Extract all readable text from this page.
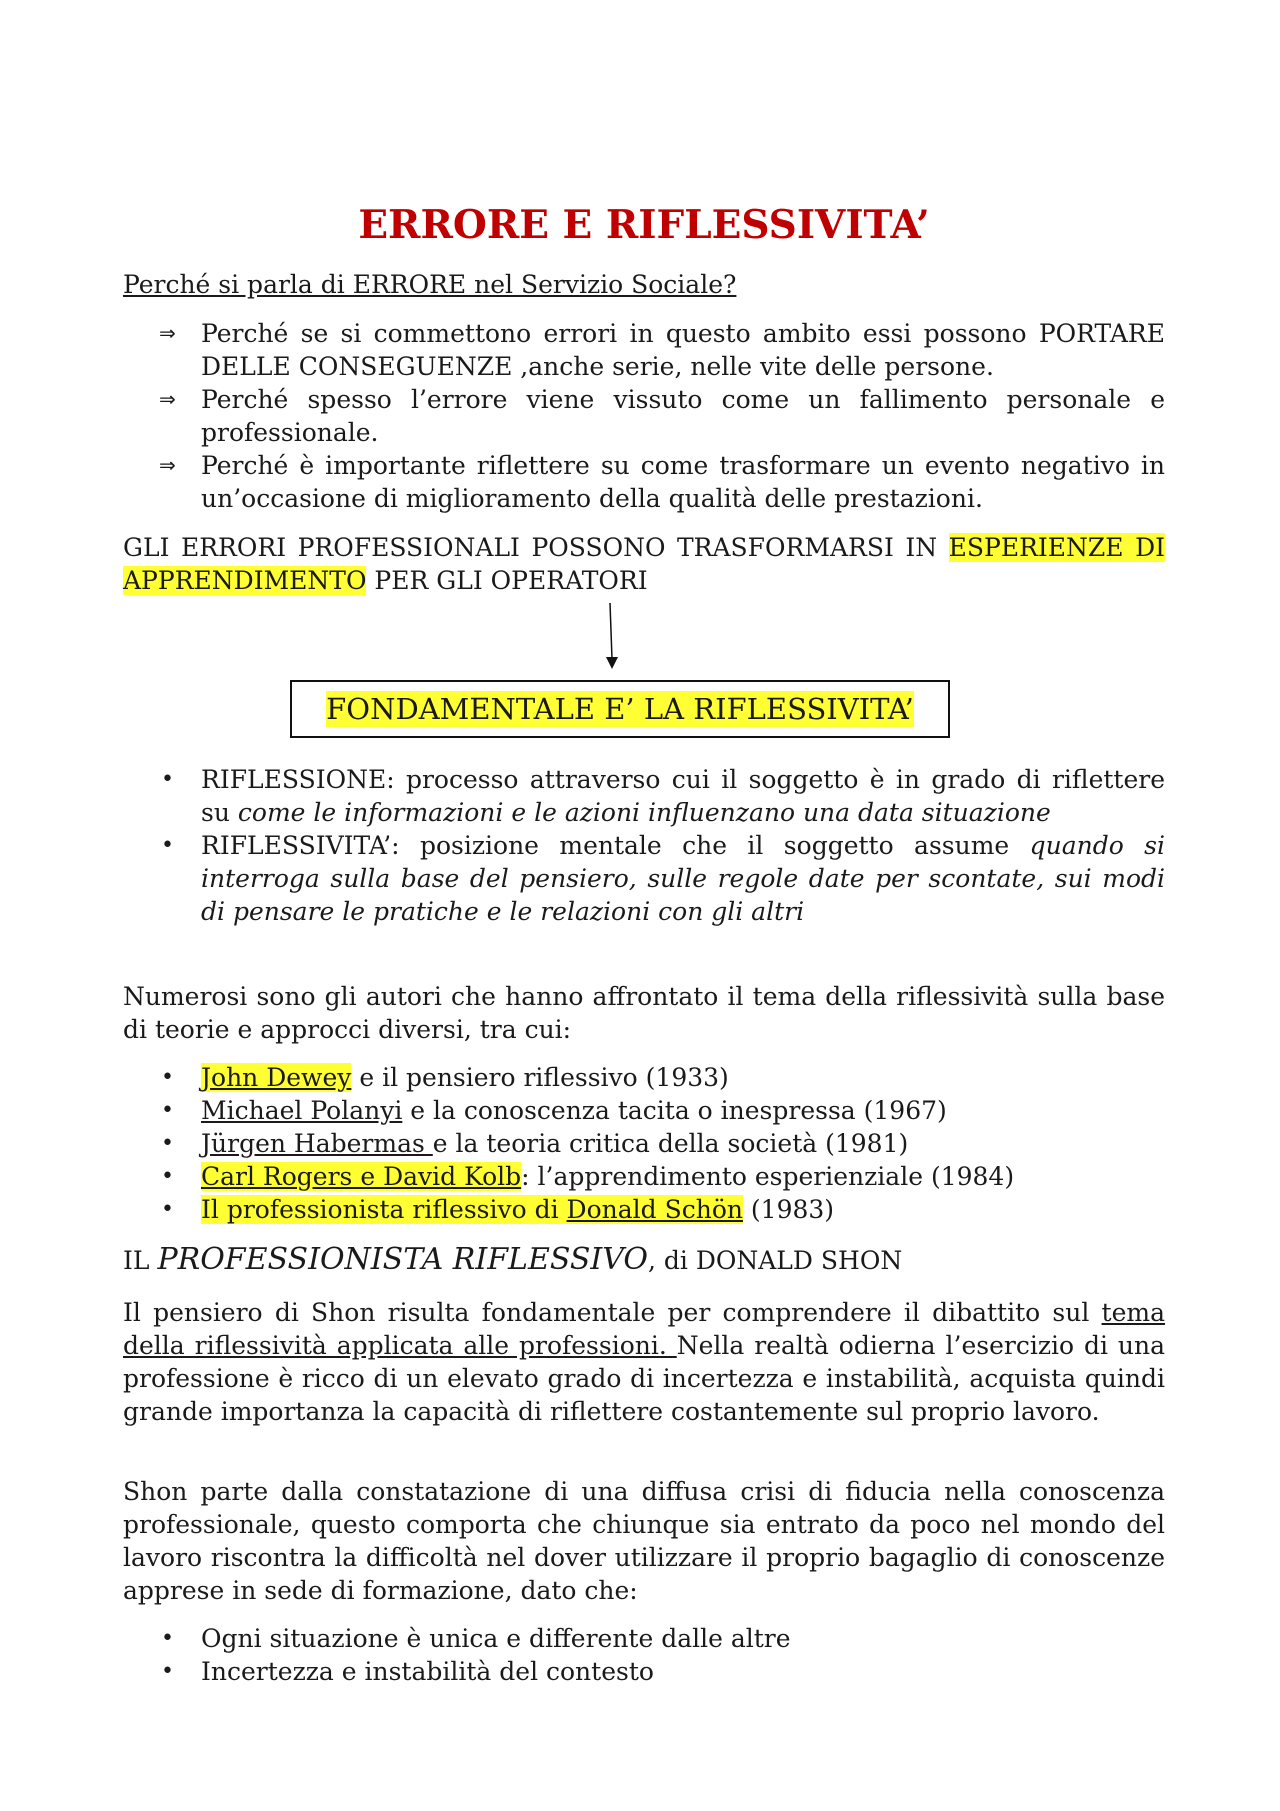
ERRORE E RIFLESSIVITA’

Perché si parla di ERRORE nel Servizio Sociale?

⇒ Perché se si commettono errori in questo ambito essi possono PORTARE DELLE CONSEGUENZE ,anche serie, nelle vite delle persone.
⇒ Perché spesso l’errore viene vissuto come un fallimento personale e professionale.
⇒ Perché è importante riflettere su come trasformare un evento negativo in un’occasione di miglioramento della qualità delle prestazioni.

GLI ERRORI PROFESSIONALI POSSONO TRASFORMARSI IN ESPERIENZE DI APPRENDIMENTO PER GLI OPERATORI

FONDAMENTALE E’ LA RIFLESSIVITA’
• RIFLESSIONE: processo attraverso cui il soggetto è in grado di riflettere su come le informazioni e le azioni influenzano una data situazione
• RIFLESSIVITA’: posizione mentale che il soggetto assume quando si interroga sulla base del pensiero, sulle regole date per scontate, sui modi di pensare le pratiche e le relazioni con gli altri

Numerosi sono gli autori che hanno affrontato il tema della riflessività sulla base di teorie e approcci diversi, tra cui:

• John Dewey e il pensiero riflessivo (1933)
• Michael Polanyi e la conoscenza tacita o inespressa (1967)
• Jürgen Habermas e la teoria critica della società (1981)
• Carl Rogers e David Kolb: l’apprendimento esperienziale (1984)
• Il professionista riflessivo di Donald Schön (1983)

IL PROFESSIONISTA RIFLESSIVO, di DONALD SHON

Il pensiero di Shon risulta fondamentale per comprendere il dibattito sul tema della riflessività applicata alle professioni. Nella realtà odierna l’esercizio di una professione è ricco di un elevato grado di incertezza e instabilità, acquista quindi grande importanza la capacità di riflettere costantemente sul proprio lavoro.

Shon parte dalla constatazione di una diffusa crisi di fiducia nella conoscenza professionale, questo comporta che chiunque sia entrato da poco nel mondo del lavoro riscontra la difficoltà nel dover utilizzare il proprio bagaglio di conoscenze apprese in sede di formazione, dato che:

• Ogni situazione è unica e differente dalle altre
• Incertezza e instabilità del contesto
